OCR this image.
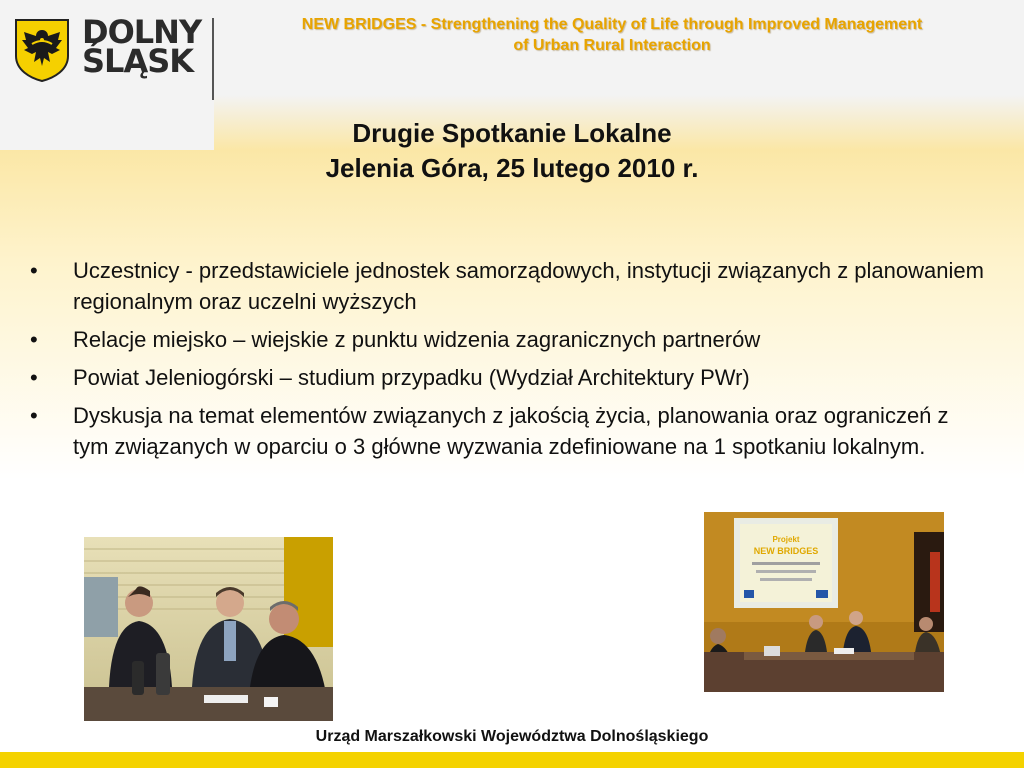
DOLNY
ŚLĄSK
NEW BRIDGES - Strengthening the Quality of Life through Improved Management
of Urban Rural Interaction
Drugie Spotkanie Lokalne
Jelenia Góra, 25 lutego 2010 r.
• Uczestnicy - przedstawiciele jednostek samorządowych, instytucji związanych z planowaniem regionalnym oraz uczelni wyższych
• Relacje miejsko – wiejskie z punktu widzenia zagranicznych partnerów
• Powiat Jeleniogórski – studium przypadku (Wydział Architektury PWr)
• Dyskusja na temat elementów związanych z jakością życia, planowania oraz ograniczeń z tym związanych w oparciu o 3 główne wyzwania zdefiniowane na 1 spotkaniu lokalnym.
Projekt
NEW BRIDGES
Urząd Marszałkowski Województwa Dolnośląskiego
